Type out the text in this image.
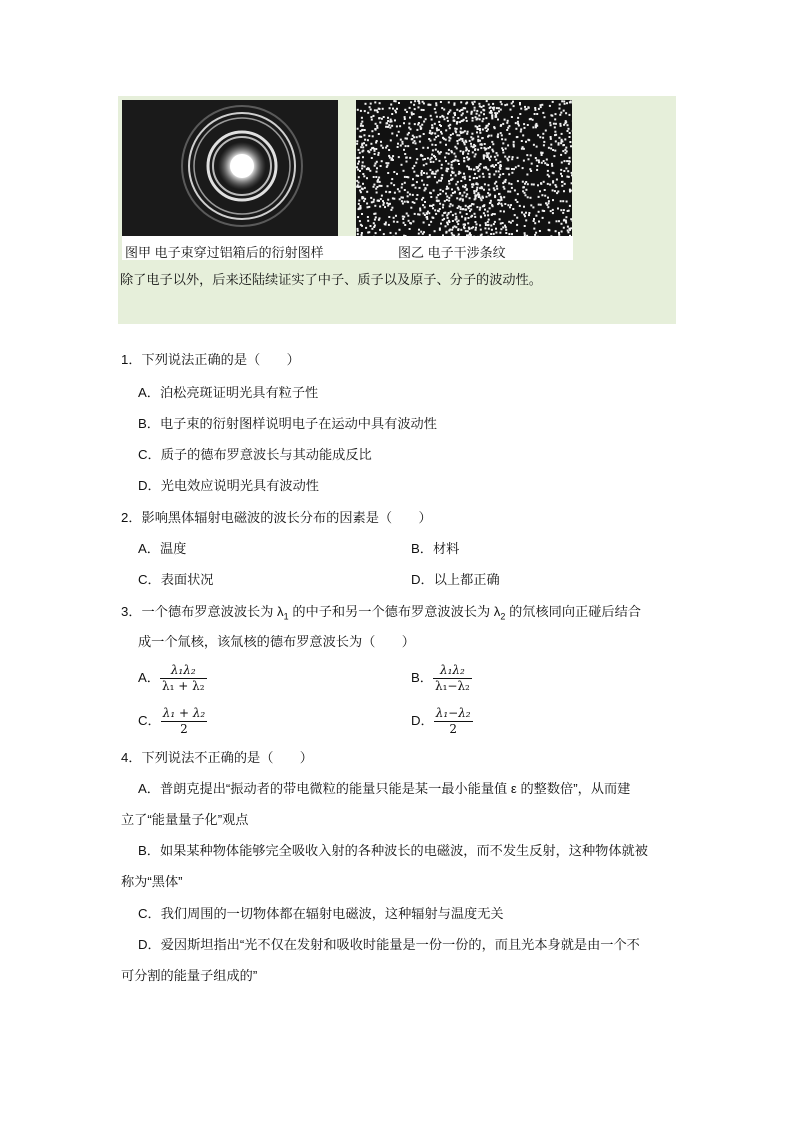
图甲 电子束穿过铝箱后的衍射图样	图乙 电子干涉条纹
除了电子以外，后来还陆续证实了中子、质子以及原子、分子的波动性。
1．下列说法正确的是（　　）
A．泊松亮斑证明光具有粒子性
B．电子束的衍射图样说明电子在运动中具有波动性
C．质子的德布罗意波长与其动能成反比
D．光电效应说明光具有波动性
2．影响黑体辐射电磁波的波长分布的因素是（　　）
A．温度	B．材料
C．表面状况	D．以上都正确
3．一个德布罗意波波长为 $\lambda_1$ 的中子和另一个德布罗意波波长为 $\lambda_2$ 的氘核同向正碰后结合
成一个氚核，该氚核的德布罗意波长为（　　）
A． $\frac{\text{λ₁λ₂}}{\text{λ₁ + λ₂}}$	B． $\frac{\text{λ₁λ₂}}{\text{λ₁−λ₂}}$
C． $\frac{\text{λ₁ + λ₂}}{2}$	D． $\frac{\text{λ₁−λ₂}}{2}$
4．下列说法不正确的是（　　）
A．普朗克提出“振动者的带电微粒的能量只能是某一最小能量值 ε 的整数倍”，从而建
立了“能量量子化”观点
B．如果某种物体能够完全吸收入射的各种波长的电磁波，而不发生反射，这种物体就被
称为“黑体”
C．我们周围的一切物体都在辐射电磁波，这种辐射与温度无关
D．爱因斯坦指出“光不仅在发射和吸收时能量是一份一份的，而且光本身就是由一个不
可分割的能量子组成的”
